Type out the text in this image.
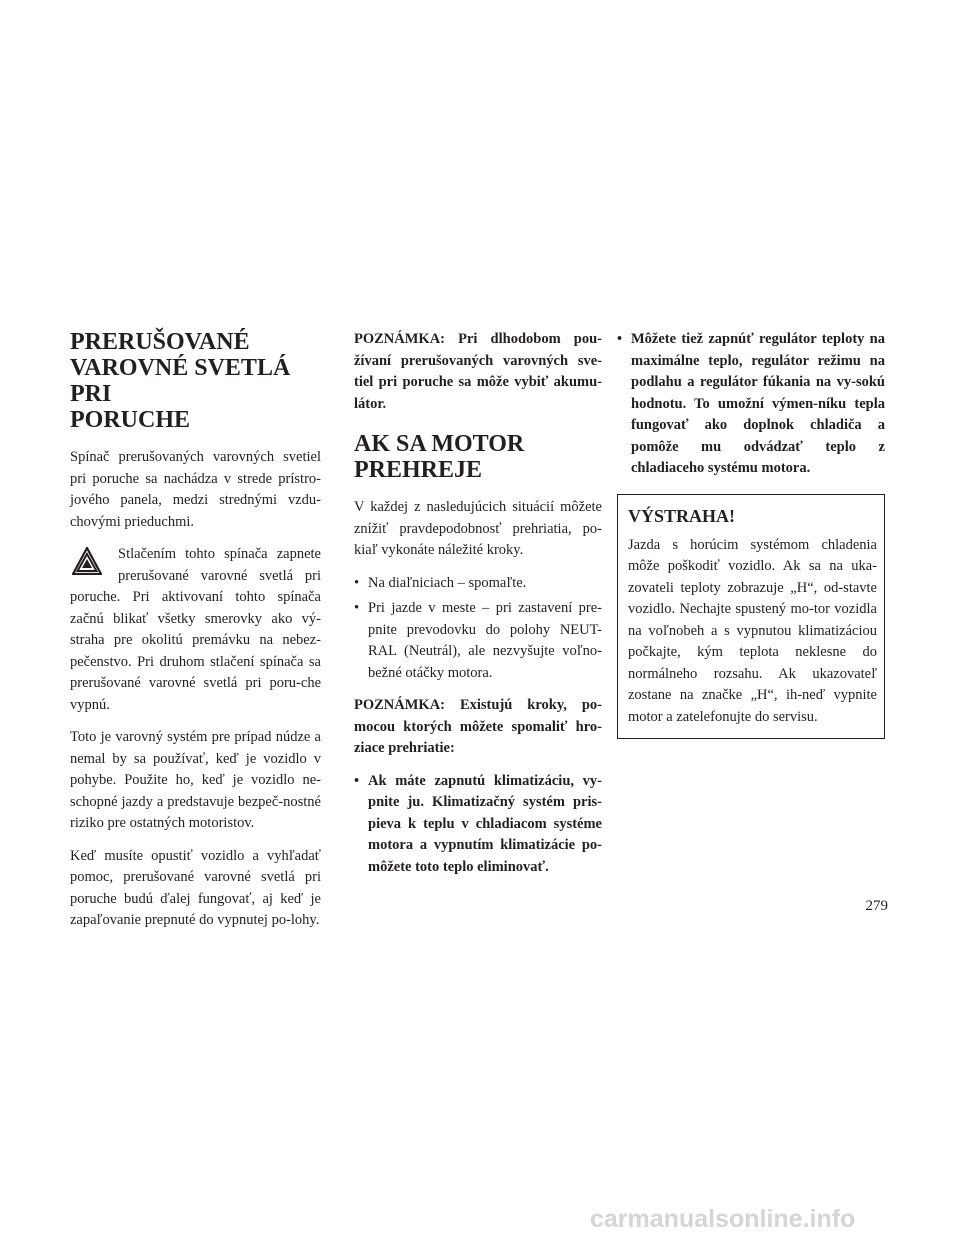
PRERUŠOVANÉ
VAROVNÉ SVETLÁ PRI
PORUCHE

Spínač prerušovaných varovných svetiel pri poruche sa nachádza v strede prístro-jového panela, medzi strednými vzdu-chovými prieduchmi.

Stlačením tohto spínača zapnete
prerušované varovné svetlá pri

poruche. Pri aktivovaní tohto spínača začnú blikať všetky smerovky ako vý-straha pre okolitú premávku na nebez-pečenstvo. Pri druhom stlačení spínača sa prerušované varovné svetlá pri poru-che vypnú.

Toto je varovný systém pre prípad núdze a nemal by sa používať, keď je vozidlo v pohybe. Použite ho, keď je vozidlo ne-schopné jazdy a predstavuje bezpeč-nostné riziko pre ostatných motoristov.

Keď musíte opustiť vozidlo a vyhľadať pomoc, prerušované varovné svetlá pri poruche budú ďalej fungovať, aj keď je zapaľovanie prepnuté do vypnutej po-lohy.

POZNÁMKA: Pri dlhodobom pou-žívaní prerušovaných varovných sve-tiel pri poruche sa môže vybiť akumu-látor.

AK SA MOTOR
PREHREJE

V každej z nasledujúcich situácií môžete znížiť pravdepodobnosť prehriatia, po-kiaľ vykonáte náležité kroky.

• Na diaľniciach – spomaľte.
• Pri jazde v meste – pri zastavení pre-pnite prevodovku do polohy NEUT-RAL (Neutrál), ale nezvyšujte voľno-bežné otáčky motora.

POZNÁMKA: Existujú kroky, po-mocou ktorých môžete spomaliť hro-ziace prehriatie:

• Ak máte zapnutú klimatizáciu, vy-pnite ju. Klimatizačný systém pris-pieva k teplu v chladiacom systéme motora a vypnutím klimatizácie po-môžete toto teplo eliminovať.
• Môžete tiež zapnúť regulátor teploty na maximálne teplo, regulátor režimu na podlahu a regulátor fúkania na vy-sokú hodnotu. To umožní výmen-níku tepla fungovať ako doplnok chladiča a pomôže mu odvádzať teplo z chladiaceho systému motora.
VÝSTRAHA!

Jazda s horúcim systémom chladenia môže poškodiť vozidlo. Ak sa na uka-zovateli teploty zobrazuje „H“, od-stavte vozidlo. Nechajte spustený mo-tor vozidla na voľnobeh a s vypnutou klimatizáciou počkajte, kým teplota neklesne do normálneho rozsahu. Ak ukazovateľ zostane na značke „H“, ih-neď vypnite motor a zatelefonujte do servisu.

279
carmanualsonline.info
